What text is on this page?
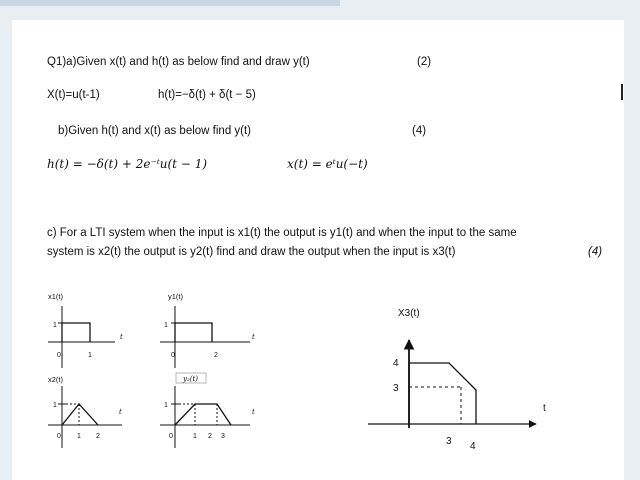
Q1)a)Given x(t) and h(t) as below find and draw y(t)	(2)
X(t)=u(t-1)	h(t)=−δ(t) + δ(t − 5)
b)Given h(t) and x(t) as below find y(t)	(4)
h(t) = −δ(t) + 2e⁻ᵗu(t − 1)	x(t) = eᵗu(−t)
c) For a LTI system when the input is x1(t) the output is y1(t) and when the input to the same
system is x2(t) the output is y2(t) find and draw the output when the input is x3(t)	(4)
x1(t)
1
0	1
t
y1(t)
1
0	2
t
x2(t)
1
0 1 2
t
y₂(t)
1
0	1 2 3
t
X3(t)
4
3
3 4
t
